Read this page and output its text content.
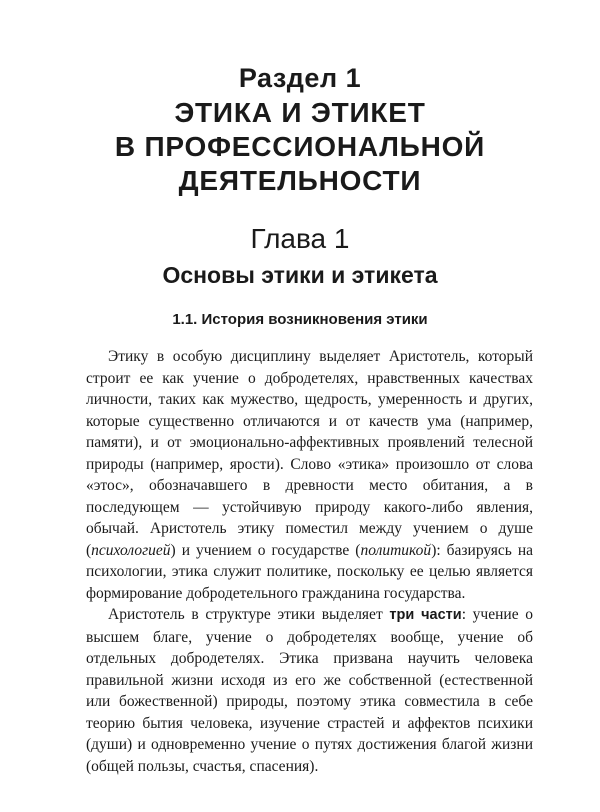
Раздел 1
ЭТИКА И ЭТИКЕТ
В ПРОФЕССИОНАЛЬНОЙ
ДЕЯТЕЛЬНОСТИ
Глава 1
Основы этики и этикета
1.1. История возникновения этики

Этику в особую дисциплину выделяет Аристотель, который строит ее как учение о добродетелях, нравственных качествах личности, таких как мужество, щедрость, умеренность и других, которые существенно отличаются и от качеств ума (например, памяти), и от эмоционально-аффективных проявлений телесной природы (например, ярости). Слово «этика» произошло от слова «этос», обозначавшего в древности место обитания, а в последующем — устойчивую природу какого-либо явления, обычай. Аристотель этику поместил между учением о душе (психологией) и учением о государстве (политикой): базируясь на психологии, этика служит политике, поскольку ее целью является формирование добродетельного гражданина государства.

Аристотель в структуре этики выделяет три части: учение о высшем благе, учение о добродетелях вообще, учение об отдельных добродетелях. Этика призвана научить человека правильной жизни исходя из его же собственной (естественной или божественной) природы, поэтому этика совместила в себе теорию бытия человека, изучение страстей и аффектов психики (души) и одновременно учение о путях достижения благой жизни (общей пользы, счастья, спасения).
